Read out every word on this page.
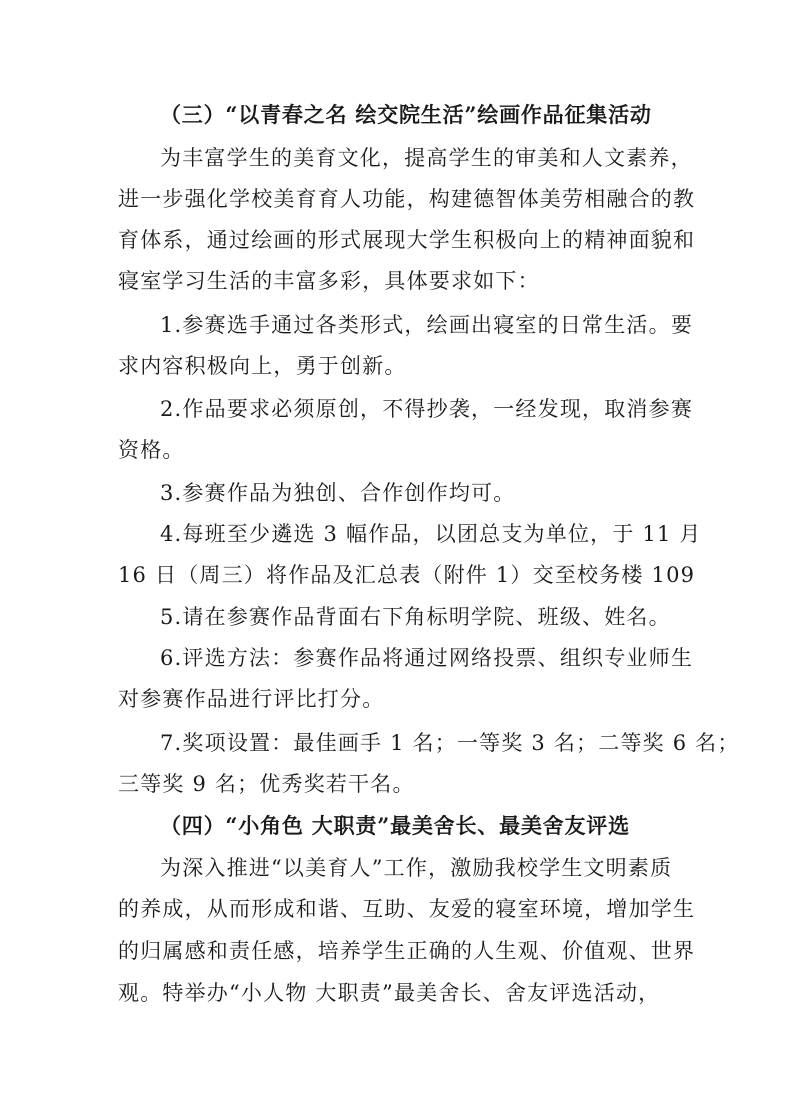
（三）“以青春之名 绘交院生活”绘画作品征集活动
为丰富学生的美育文化，提高学生的审美和人文素养，
进一步强化学校美育育人功能，构建德智体美劳相融合的教
育体系，通过绘画的形式展现大学生积极向上的精神面貌和
寝室学习生活的丰富多彩，具体要求如下：
1.参赛选手通过各类形式，绘画出寝室的日常生活。要
求内容积极向上，勇于创新。
2.作品要求必须原创，不得抄袭，一经发现，取消参赛
资格。
3.参赛作品为独创、合作创作均可。
4.每班至少遴选 3 幅作品，以团总支为单位，于 11 月
16 日（周三）将作品及汇总表（附件 1）交至校务楼 109
5.请在参赛作品背面右下角标明学院、班级、姓名。
6.评选方法：参赛作品将通过网络投票、组织专业师生
对参赛作品进行评比打分。
7.奖项设置：最佳画手 1 名；一等奖 3 名；二等奖 6 名；
三等奖 9 名；优秀奖若干名。
（四）“小角色 大职责”最美舍长、最美舍友评选
为深入推进“以美育人”工作，激励我校学生文明素质
的养成，从而形成和谐、互助、友爱的寝室环境，增加学生
的归属感和责任感，培养学生正确的人生观、价值观、世界
观。特举办“小人物 大职责”最美舍长、舍友评选活动，
